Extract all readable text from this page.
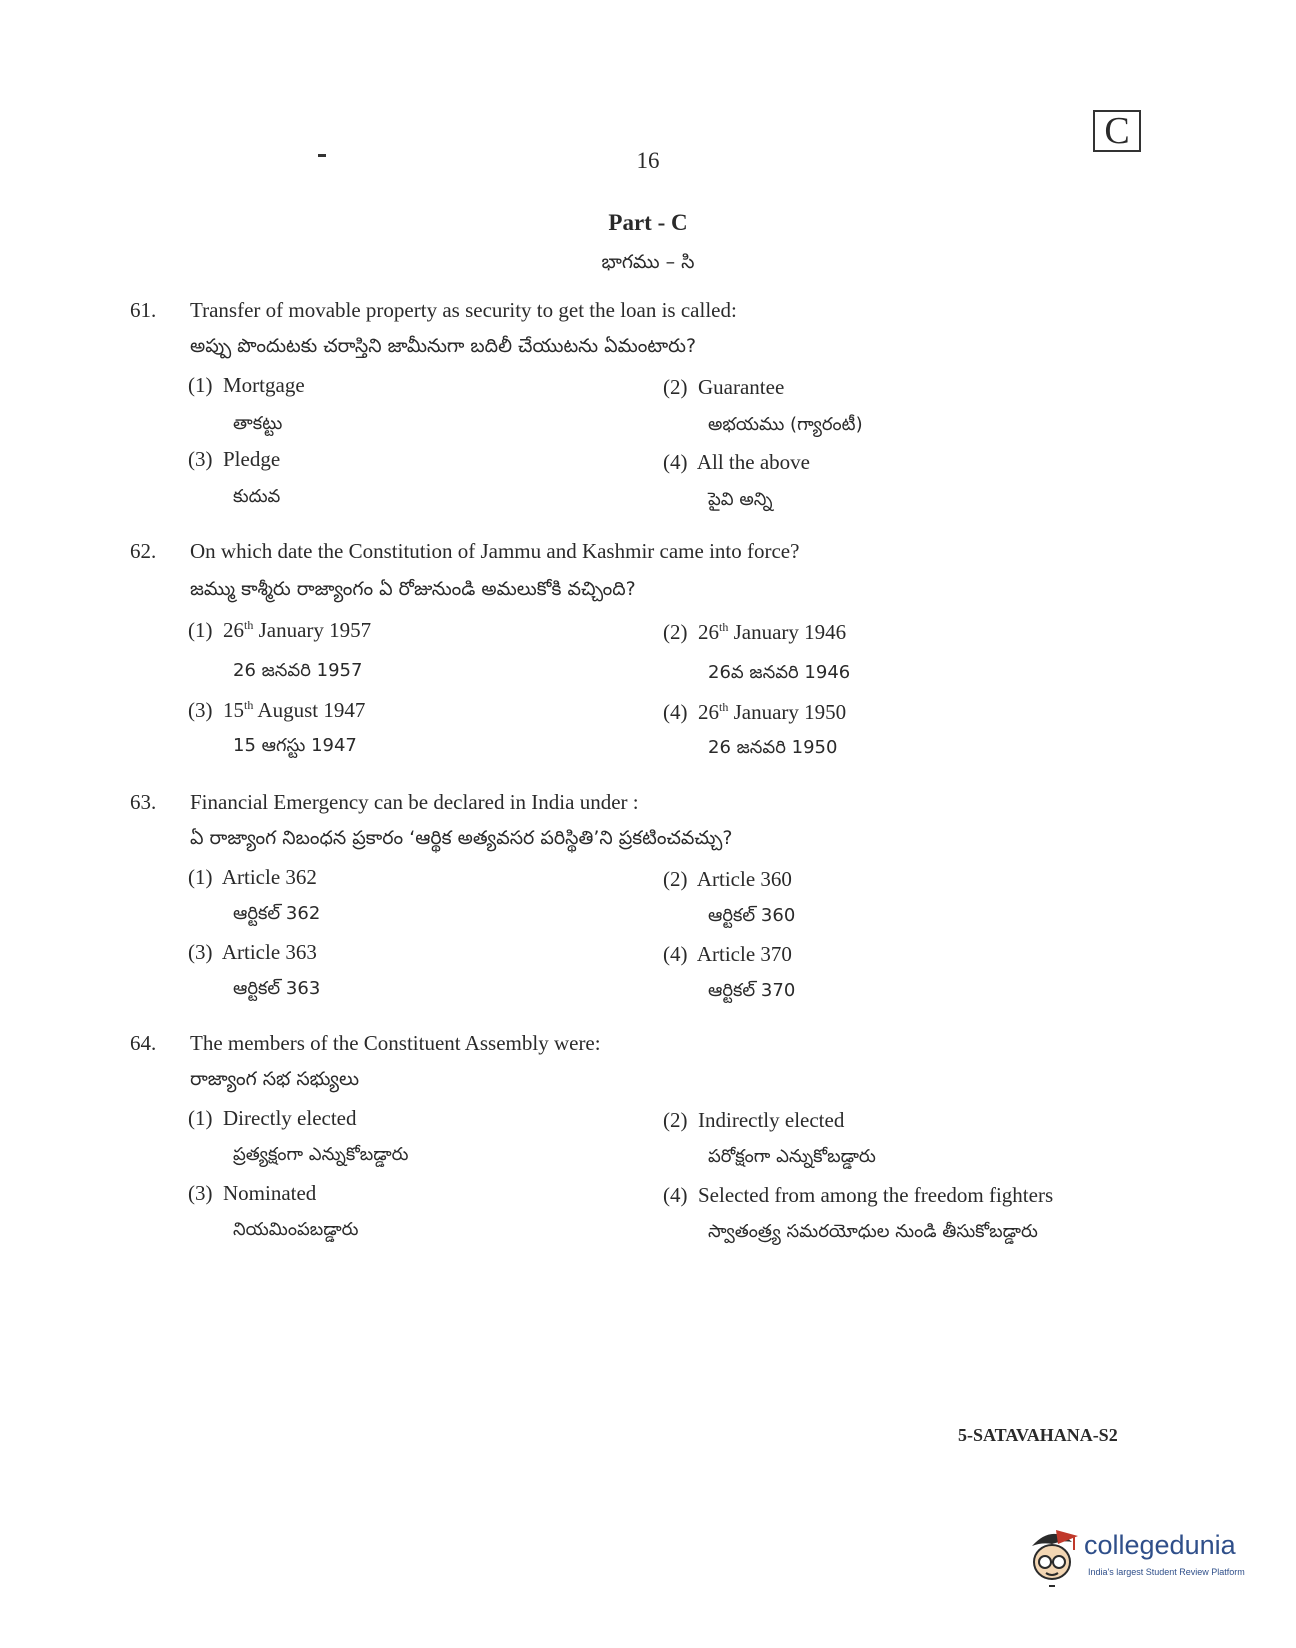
C
16
Part - C
భాగము – సి
61. Transfer of movable property as security to get the loan is called:
అప్పు పొందుటకు చరాస్తిని జామీనుగా బదిలీ చేయుటను ఏమంటారు?
(1) Mortgage
తాకట్టు
(2) Guarantee
అభయము (గ్యారంటీ)
(3) Pledge
కుదువ
(4) All the above
పైవి అన్ని
62. On which date the Constitution of Jammu and Kashmir came into force?
జమ్ము కాశ్మీరు రాజ్యాంగం ఏ రోజునుండి అమలుకోకి వచ్చింది?
(1) 26th January 1957
26 జనవరి 1957
(2) 26th January 1946
26వ జనవరి 1946
(3) 15th August 1947
15 ఆగస్టు 1947
(4) 26th January 1950
26 జనవరి 1950
63. Financial Emergency can be declared in India under :
ఏ రాజ్యాంగ నిబంధన ప్రకారం ‘ఆర్థిక అత్యవసర పరిస్థితి’ని ప్రకటించవచ్చు?
(1) Article 362
ఆర్టికల్ 362
(2) Article 360
ఆర్టికల్ 360
(3) Article 363
ఆర్టికల్ 363
(4) Article 370
ఆర్టికల్ 370
64. The members of the Constituent Assembly were:
రాజ్యాంగ సభ సభ్యులు
(1) Directly elected
ప్రత్యక్షంగా ఎన్నుకోబడ్డారు
(2) Indirectly elected
పరోక్షంగా ఎన్నుకోబడ్డారు
(3) Nominated
నియమింపబడ్డారు
(4) Selected from among the freedom fighters
స్వాతంత్ర్య సమరయోధుల నుండి తీసుకోబడ్డారు
5-SATAVAHANA-S2
collegedunia
India's largest Student Review Platform
